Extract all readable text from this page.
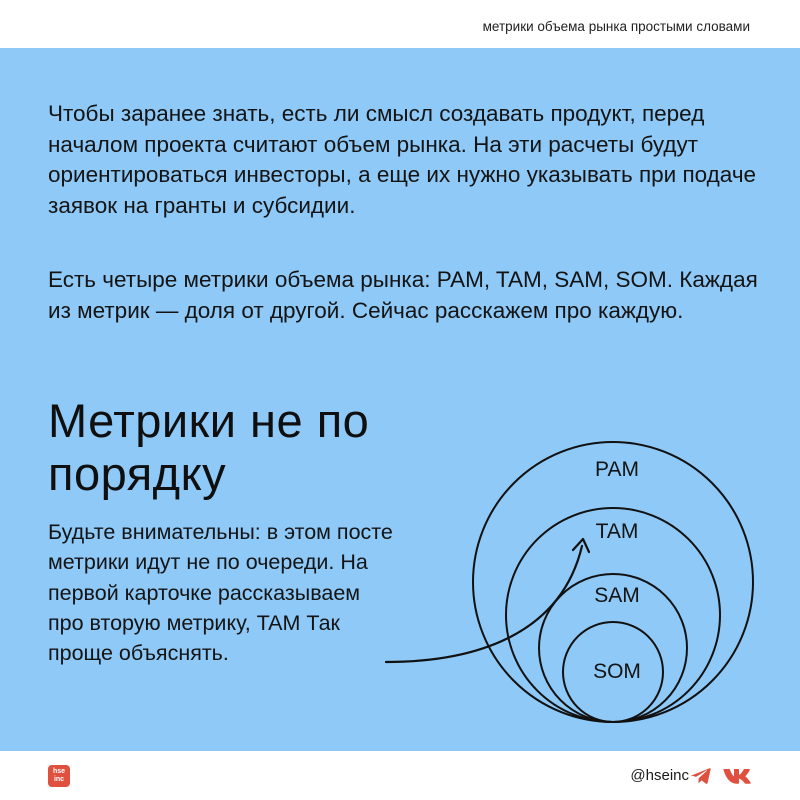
метрики объема рынка простыми словами
Чтобы заранее знать, есть ли смысл создавать продукт, перед началом проекта считают объем рынка. На эти расчеты будут ориентироваться инвесторы, а еще их нужно указывать при подаче заявок на гранты и субсидии.
Есть четыре метрики объема рынка: PAM, TAM, SAM, SOM. Каждая из метрик — доля от другой. Сейчас расскажем про каждую.
Метрики не по порядку
Будьте внимательны: в этом посте метрики идут не по очереди. На первой карточке рассказываем про вторую метрику, TAM Так проще объяснять.
PAM
TAM
SAM
SOM
hse
inc	@hseinc
